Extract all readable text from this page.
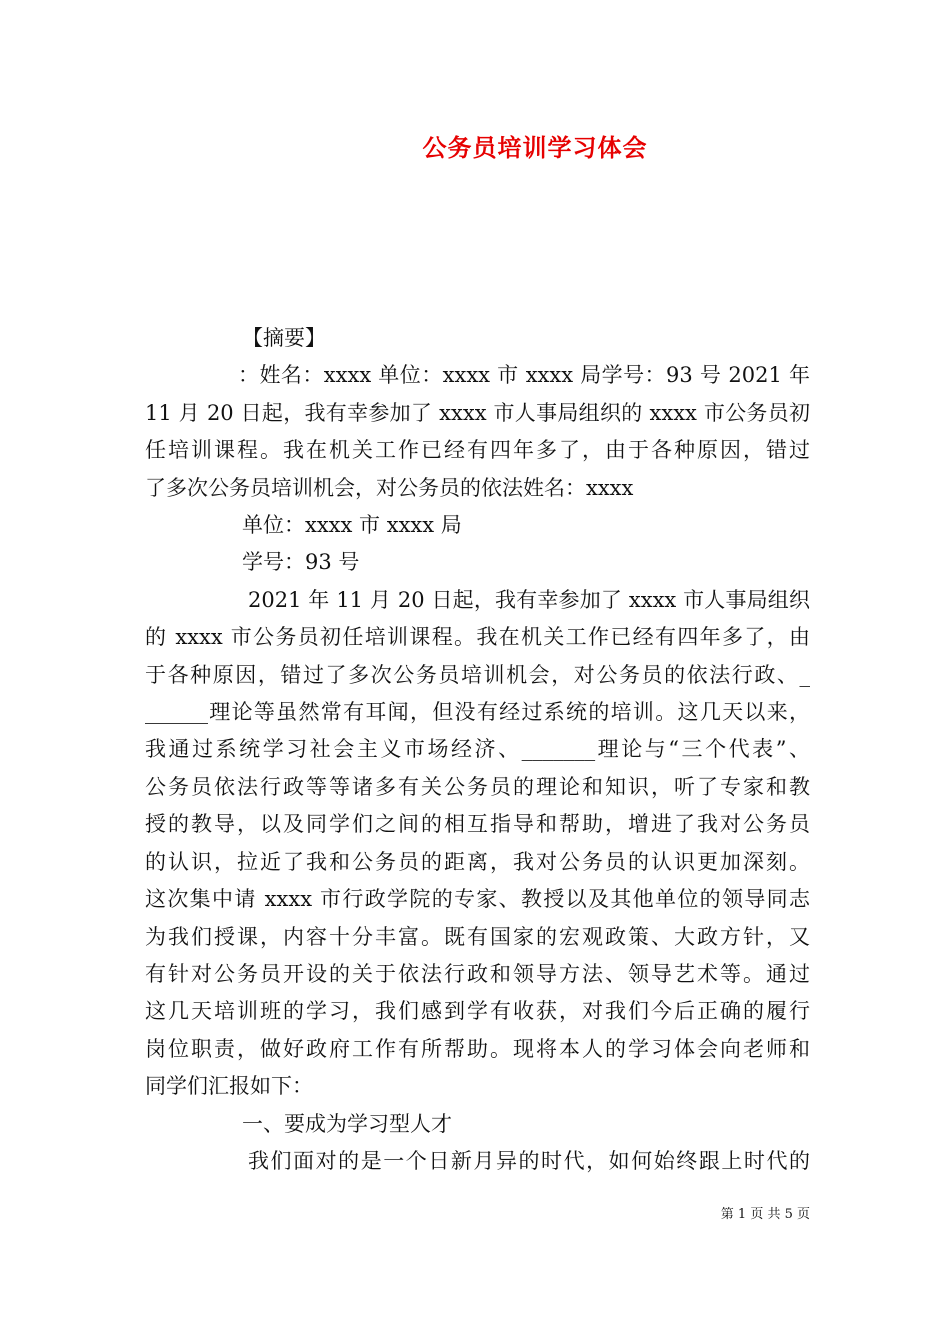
公务员培训学习体会
【摘要】
：姓名：xxxx 单位：xxxx 市 xxxx 局学号：93 号 2021 年
11 月 20 日起，我有幸参加了 xxxx 市人事局组织的 xxxx 市公务员初
任培训课程。我在机关工作已经有四年多了，由于各种原因，错过
了多次公务员培训机会，对公务员的依法姓名：xxxx
单位：xxxx 市 xxxx 局
学号：93 号
2021 年 11 月 20 日起，我有幸参加了 xxxx 市人事局组织
的 xxxx 市公务员初任培训课程。我在机关工作已经有四年多了，由
于各种原因，错过了多次公务员培训机会，对公务员的依法行政、_
______理论等虽然常有耳闻，但没有经过系统的培训。这几天以来，
我通过系统学习社会主义市场经济、_______理论与“三个代表”、
公务员依法行政等等诸多有关公务员的理论和知识，听了专家和教
授的教导，以及同学们之间的相互指导和帮助，增进了我对公务员
的认识，拉近了我和公务员的距离，我对公务员的认识更加深刻。
这次集中请 xxxx 市行政学院的专家、教授以及其他单位的领导同志
为我们授课，内容十分丰富。既有国家的宏观政策、大政方针，又
有针对公务员开设的关于依法行政和领导方法、领导艺术等。通过
这几天培训班的学习，我们感到学有收获，对我们今后正确的履行
岗位职责，做好政府工作有所帮助。现将本人的学习体会向老师和
同学们汇报如下：
一、要成为学习型人才
我们面对的是一个日新月异的时代，如何始终跟上时代的
第 1 页 共 5 页
